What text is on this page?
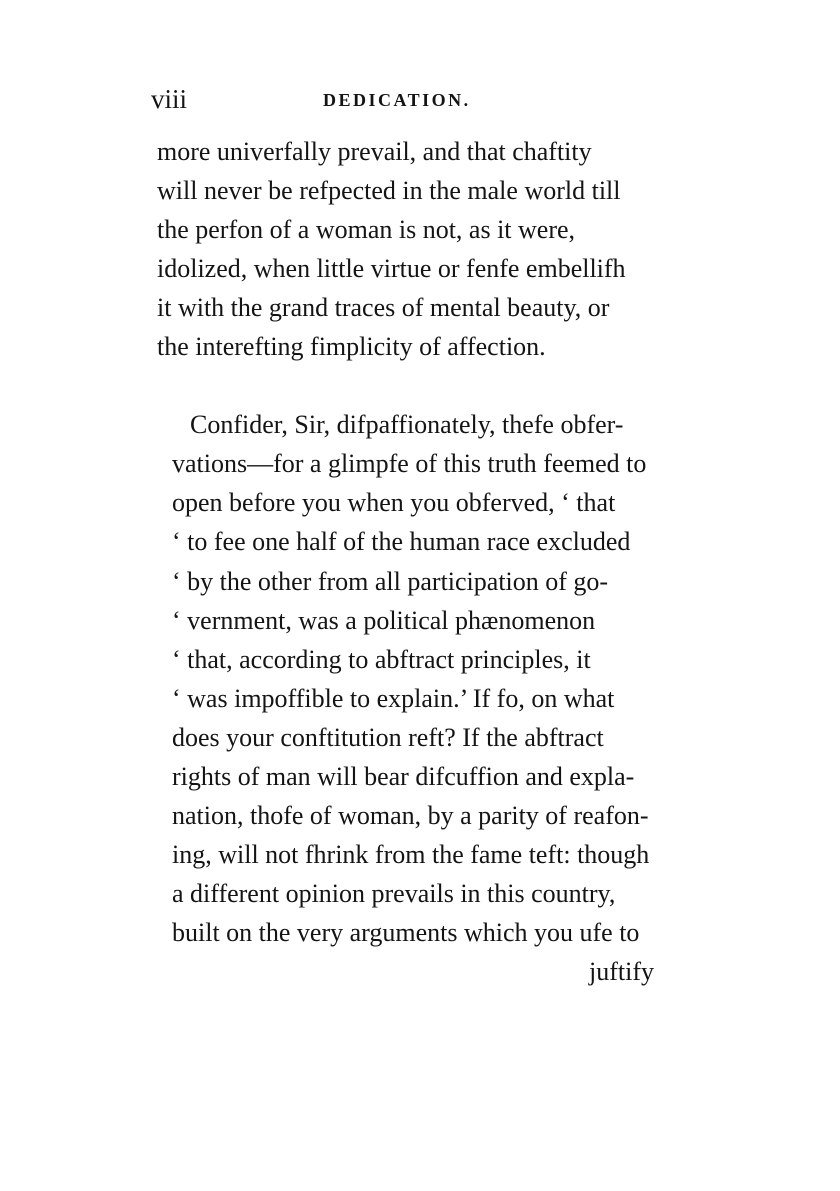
viii	DEDICATION.
more univerfally prevail, and that chaftity
will never be refpected in the male world till
the perfon of a woman is not, as it were,
idolized, when little virtue or fenfe embellifh
it with the grand traces of mental beauty, or
the interefting fimplicity of affection.
Confider, Sir, difpaffionately, thefe obfer-
vations—for a glimpfe of this truth feemed to
open before you when you obferved, ‘ that
‘ to fee one half of the human race excluded
‘ by the other from all participation of go-
‘ vernment, was a political phænomenon
‘ that, according to abftract principles, it
‘ was impoffible to explain.’ If fo, on what
does your conftitution reft? If the abftract
rights of man will bear difcuffion and expla-
nation, thofe of woman, by a parity of reafon-
ing, will not fhrink from the fame teft: though
a different opinion prevails in this country,
built on the very arguments which you ufe to
juftify
